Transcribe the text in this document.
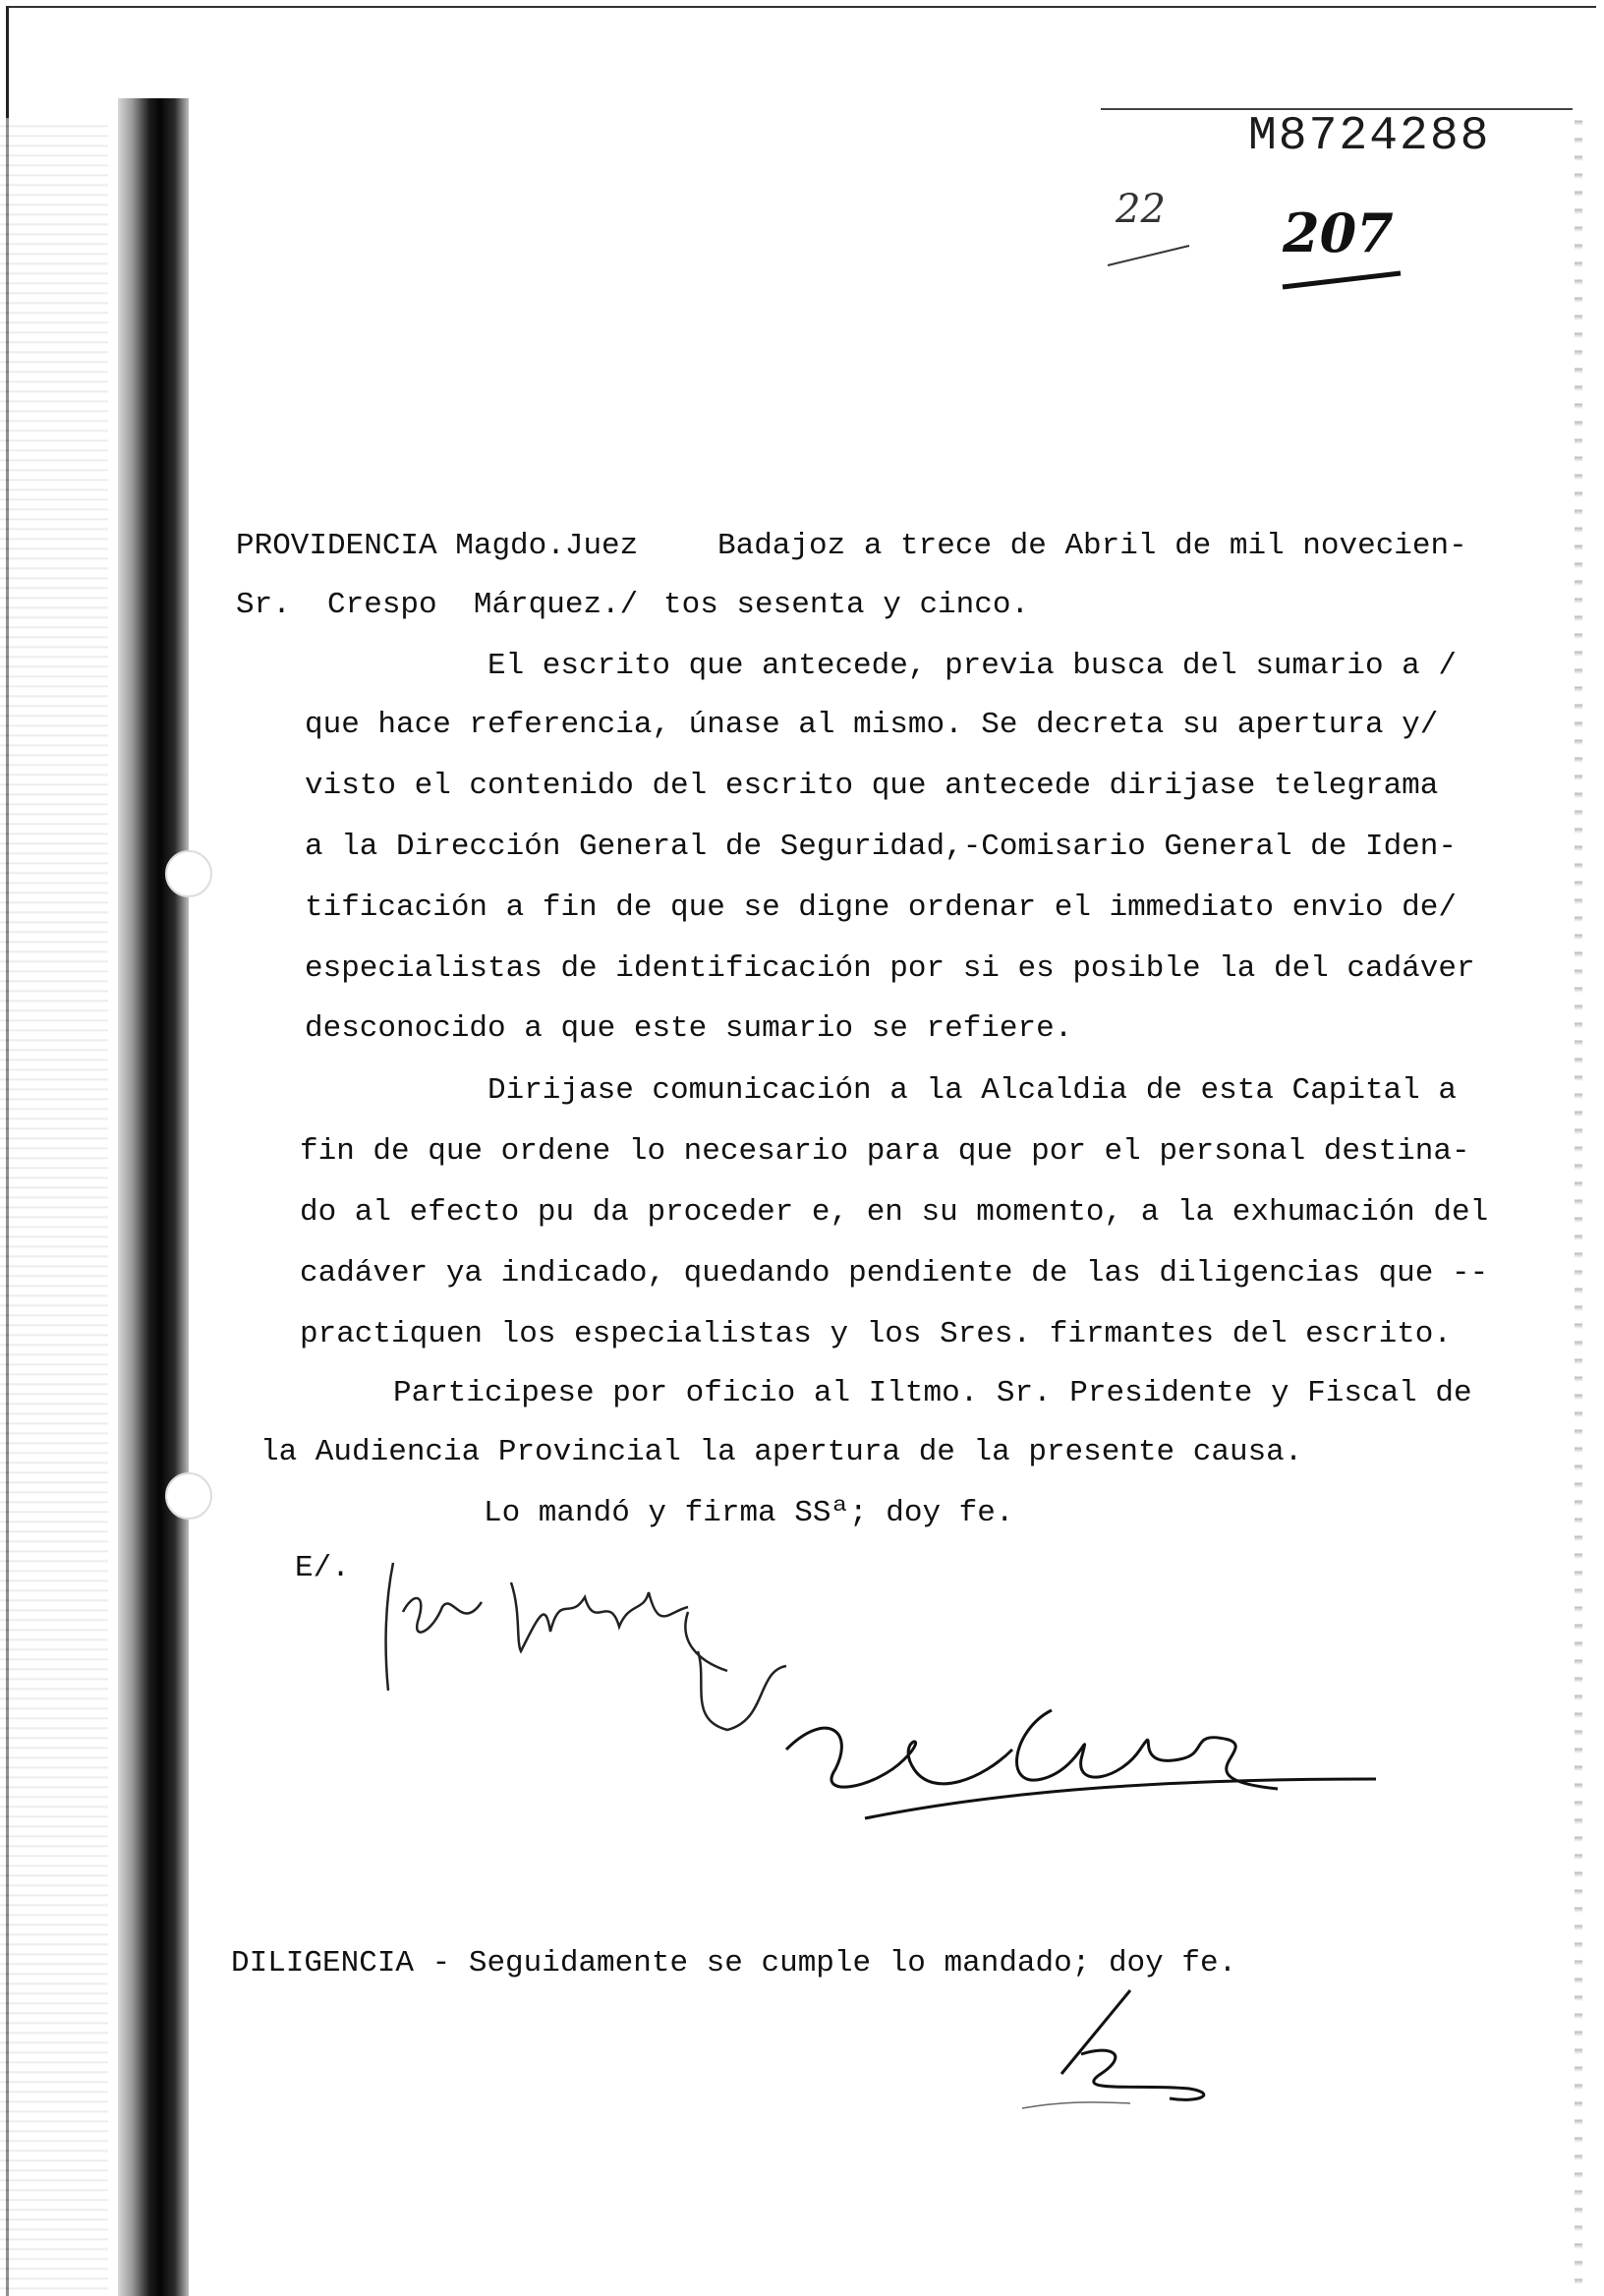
M8724288
22 207
PROVIDENCIA Magdo.Juez
Sr.  Crespo  Márquez./
Badajoz a trece de Abril de mil novecien-
tos sesenta y cinco.
El escrito que antecede, previa busca del sumario a /
que hace referencia, únase al mismo. Se decreta su apertura y/
visto el contenido del escrito que antecede dirijase telegrama
a la Dirección General de Seguridad,-Comisario General de Iden-
tificación a fin de que se digne ordenar el immediato envio de/
especialistas de identificación por si es posible la del cadáver
desconocido a que este sumario se refiere.
Dirijase comunicación a la Alcaldia de esta Capital a
fin de que ordene lo necesario para que por el personal destina-
do al efecto pu da proceder e, en su momento, a la exhumación del
cadáver ya indicado, quedando pendiente de las diligencias que --
practiquen los especialistas y los Sres. firmantes del escrito.
Participese por oficio al Iltmo. Sr. Presidente y Fiscal de
la Audiencia Provincial la apertura de la presente causa.
Lo mandó y firma SSª; doy fe.
E/.
DILIGENCIA - Seguidamente se cumple lo mandado; doy fe.
